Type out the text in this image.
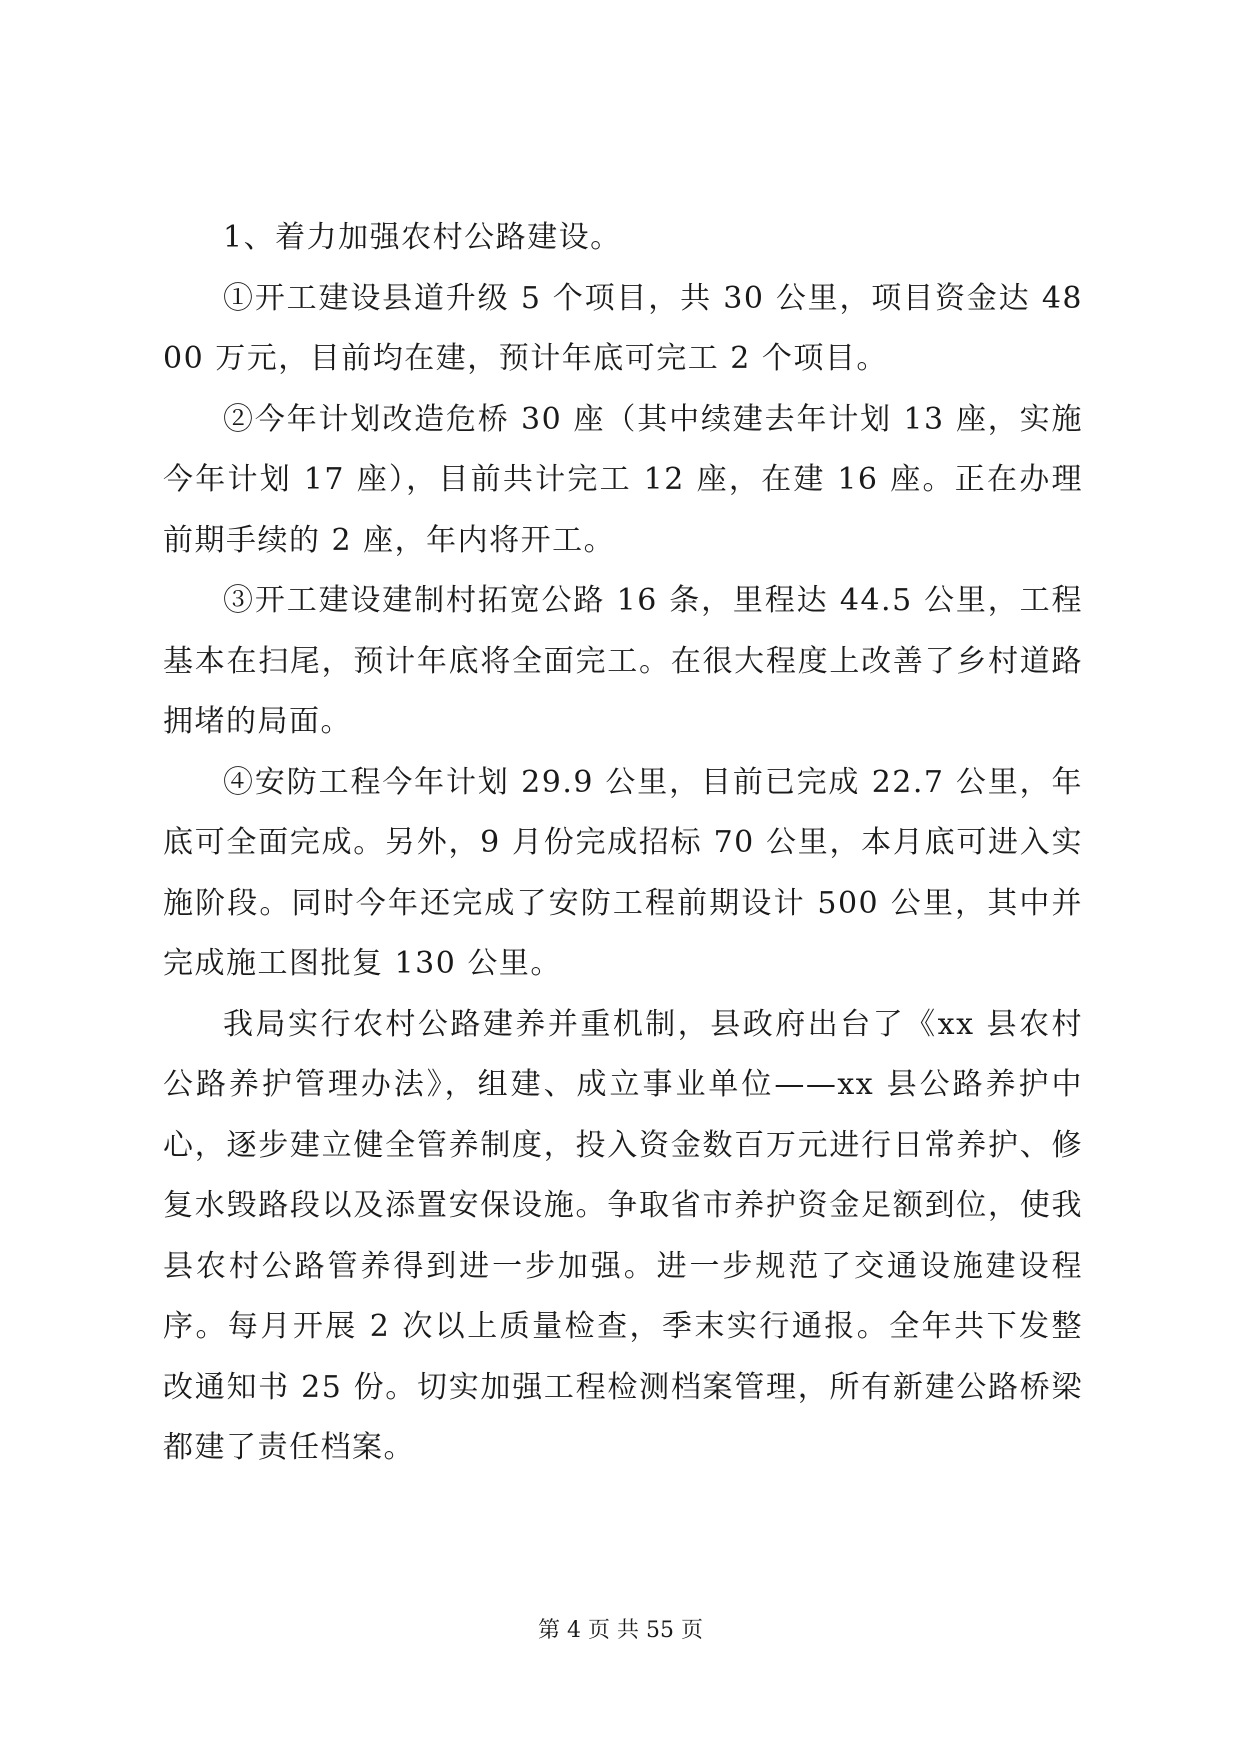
1、着力加强农村公路建设。

①开工建设县道升级 5 个项目，共 30 公里，项目资金达 4800 万元，目前均在建，预计年底可完工 2 个项目。

②今年计划改造危桥 30 座（其中续建去年计划 13 座，实施今年计划 17 座），目前共计完工 12 座，在建 16 座。正在办理前期手续的 2 座，年内将开工。

③开工建设建制村拓宽公路 16 条，里程达 44.5 公里，工程基本在扫尾，预计年底将全面完工。在很大程度上改善了乡村道路拥堵的局面。

④安防工程今年计划 29.9 公里，目前已完成 22.7 公里，年底可全面完成。另外，9 月份完成招标 70 公里，本月底可进入实施阶段。同时今年还完成了安防工程前期设计 500 公里，其中并完成施工图批复 130 公里。

我局实行农村公路建养并重机制，县政府出台了《xx 县农村公路养护管理办法》，组建、成立事业单位——xx 县公路养护中心，逐步建立健全管养制度，投入资金数百万元进行日常养护、修复水毁路段以及添置安保设施。争取省市养护资金足额到位，使我县农村公路管养得到进一步加强。进一步规范了交通设施建设程序。每月开展 2 次以上质量检查，季末实行通报。全年共下发整改通知书 25 份。切实加强工程检测档案管理，所有新建公路桥梁都建了责任档案。

第 4 页 共 55 页
